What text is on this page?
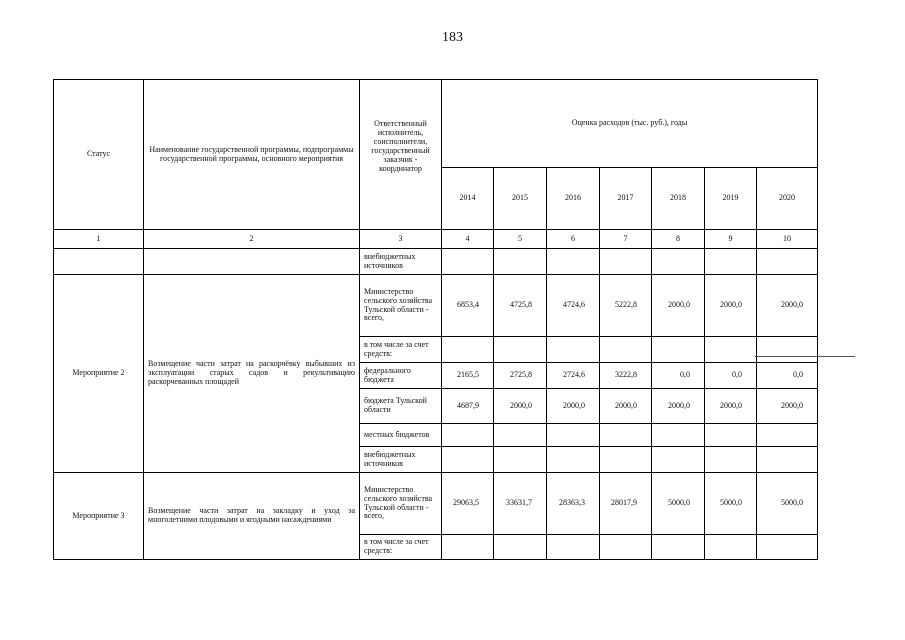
183
Статус	Наименование государственной программы, подпрограммы государственной программы, основного мероприятия	Ответственный исполнитель, соисполнители, государственный заказчик - координатор	Оценка расходов (тыс. руб.), годы						
			2014	2015	2016	2017	2018	2019	2020
1	2	3	4	5	6	7	8	9	10
		внебюджетных источников							
Мероприятие 2	Возмещение части затрат на раскорчёвку выбывших из эксплуатации старых садов и рекультивацию раскорчеванных площадей	Министерство сельского хозяйства Тульской области - всего,	6853,4	4725,8	4724,6	5222,8	2000,0	2000,0	2000,0
		в том числе за счет средств:							
		федерального бюджета	2165,5	2725,8	2724,6	3222,8	0,0	0,0	0,0
		бюджета Тульской области	4687,9	2000,0	2000,0	2000,0	2000,0	2000,0	2000,0
		местных бюджетов							
		внебюджетных источников							
Мероприятие 3	Возмещение части затрат на закладку и уход за многолетними плодовыми и ягодными насаждениями	Министерство сельского хозяйства Тульской области - всего,	29063,5	33631,7	28363,3	28017,9	5000,0	5000,0	5000,0
		в том числе за счет средств:							
